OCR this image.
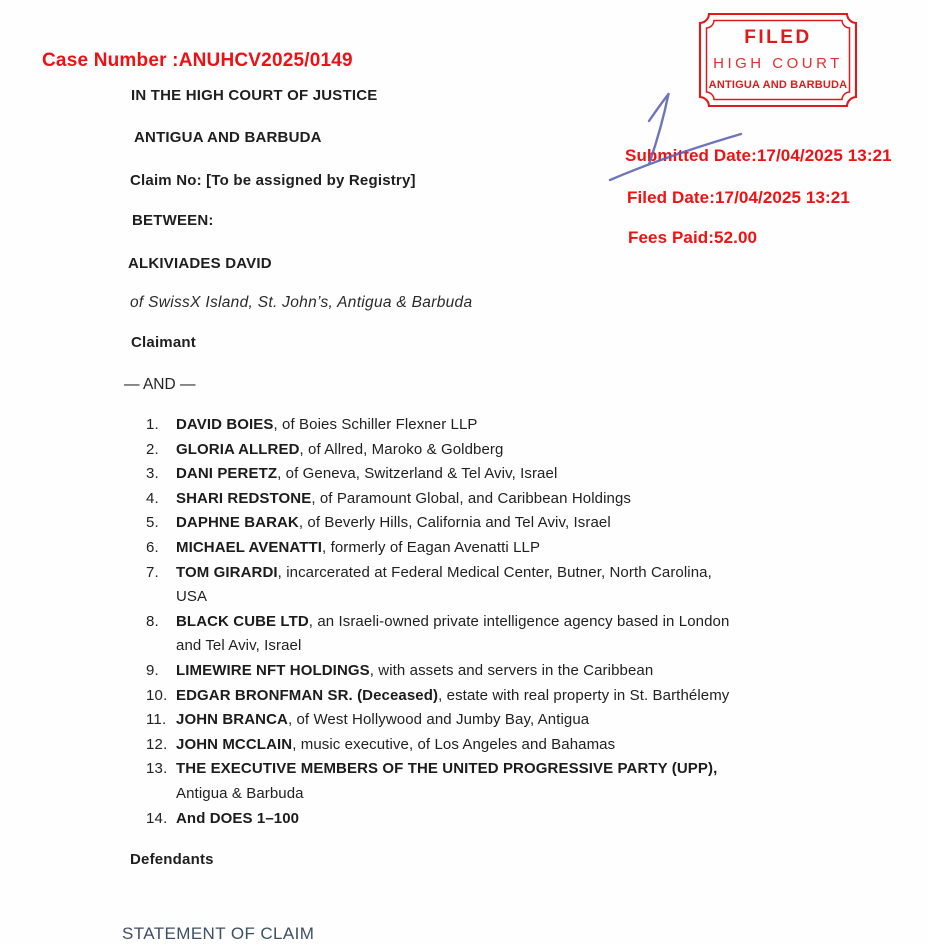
Case Number :ANUHCV2025/0149
FILED
HIGH COURT
ANTIGUA AND BARBUDA
Submitted Date:17/04/2025 13:21
Filed Date:17/04/2025 13:21
Fees Paid:52.00
IN THE HIGH COURT OF JUSTICE
ANTIGUA AND BARBUDA
Claim No: [To be assigned by Registry]
BETWEEN:
ALKIVIADES DAVID
of SwissX Island, St. John’s, Antigua & Barbuda
Claimant
— AND —
1.	DAVID BOIES, of Boies Schiller Flexner LLP
2.	GLORIA ALLRED, of Allred, Maroko & Goldberg
3.	DANI PERETZ, of Geneva, Switzerland & Tel Aviv, Israel
4.	SHARI REDSTONE, of Paramount Global, and Caribbean Holdings
5.	DAPHNE BARAK, of Beverly Hills, California and Tel Aviv, Israel
6.	MICHAEL AVENATTI, formerly of Eagan Avenatti LLP
7.	TOM GIRARDI, incarcerated at Federal Medical Center, Butner, North Carolina,
USA
8.	BLACK CUBE LTD, an Israeli-owned private intelligence agency based in London
and Tel Aviv, Israel
9.	LIMEWIRE NFT HOLDINGS, with assets and servers in the Caribbean
10. EDGAR BRONFMAN SR. (Deceased), estate with real property in St. Barthélemy
11. JOHN BRANCA, of West Hollywood and Jumby Bay, Antigua
12. JOHN MCCLAIN, music executive, of Los Angeles and Bahamas
13. THE EXECUTIVE MEMBERS OF THE UNITED PROGRESSIVE PARTY (UPP),
Antigua & Barbuda
14. And DOES 1–100
Defendants
STATEMENT OF CLAIM
